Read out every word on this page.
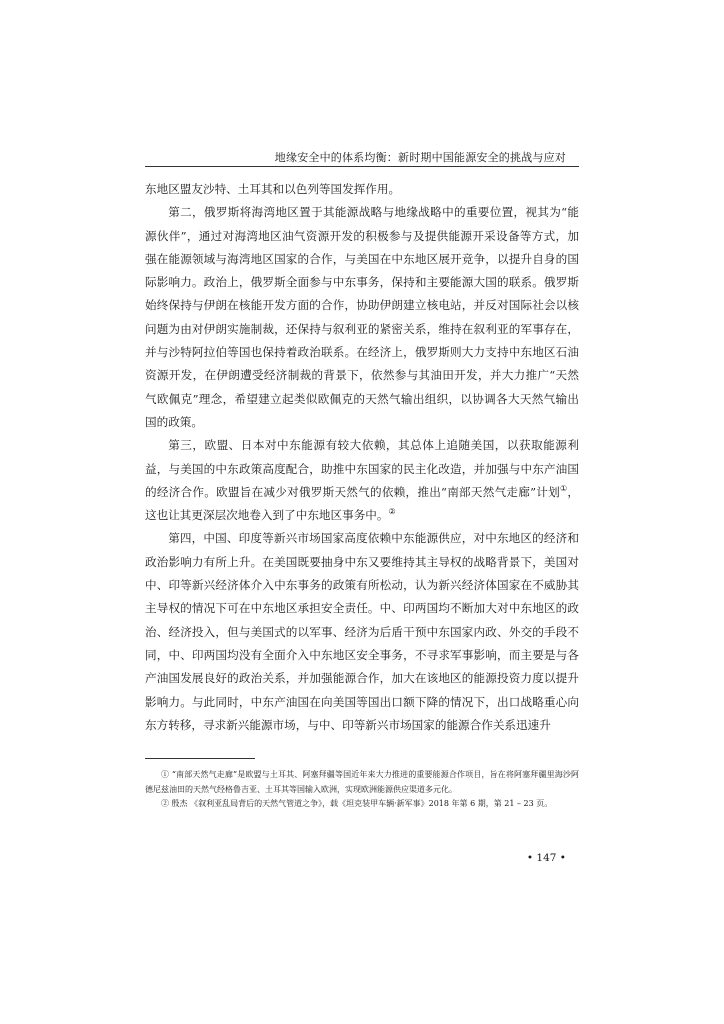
地缘安全中的体系均衡：新时期中国能源安全的挑战与应对

东地区盟友沙特、土耳其和以色列等国发挥作用。

第二，俄罗斯将海湾地区置于其能源战略与地缘战略中的重要位置，视其为“能源伙伴”，通过对海湾地区油气资源开发的积极参与及提供能源开采设备等方式，加强在能源领域与海湾地区国家的合作，与美国在中东地区展开竞争，以提升自身的国际影响力。政治上，俄罗斯全面参与中东事务，保持和主要能源大国的联系。俄罗斯始终保持与伊朗在核能开发方面的合作，协助伊朗建立核电站，并反对国际社会以核问题为由对伊朗实施制裁，还保持与叙利亚的紧密关系，维持在叙利亚的军事存在，并与沙特阿拉伯等国也保持着政治联系。在经济上，俄罗斯则大力支持中东地区石油资源开发，在伊朗遭受经济制裁的背景下，依然参与其油田开发，并大力推广“天然气欧佩克”理念，希望建立起类似欧佩克的天然气输出组织，以协调各大天然气输出国的政策。

第三，欧盟、日本对中东能源有较大依赖，其总体上追随美国，以获取能源利益，与美国的中东政策高度配合，助推中东国家的民主化改造，并加强与中东产油国的经济合作。欧盟旨在减少对俄罗斯天然气的依赖，推出“南部天然气走廊”计划①，这也让其更深层次地卷入到了中东地区事务中。②

第四，中国、印度等新兴市场国家高度依赖中东能源供应，对中东地区的经济和政治影响力有所上升。在美国既要抽身中东又要维持其主导权的战略背景下，美国对中、印等新兴经济体介入中东事务的政策有所松动，认为新兴经济体国家在不威胁其主导权的情况下可在中东地区承担安全责任。中、印两国均不断加大对中东地区的政治、经济投入，但与美国式的以军事、经济为后盾干预中东国家内政、外交的手段不同，中、印两国均没有全面介入中东地区安全事务，不寻求军事影响，而主要是与各产油国发展良好的政治关系，并加强能源合作，加大在该地区的能源投资力度以提升影响力。与此同时，中东产油国在向美国等国出口额下降的情况下，出口战略重心向东方转移，寻求新兴能源市场，与中、印等新兴市场国家的能源合作关系迅速升

① “南部天然气走廊”是欧盟与土耳其、阿塞拜疆等国近年来大力推进的重要能源合作项目，旨在将阿塞拜疆里海沙阿德尼兹油田的天然气经格鲁吉亚、土耳其等国输入欧洲，实现欧洲能源供应渠道多元化。

② 殷杰 《叙利亚乱局背后的天然气管道之争》，载《坦克装甲车辆·新军事》2018 年第 6 期，第 21 – 23 页。

• 147 •
